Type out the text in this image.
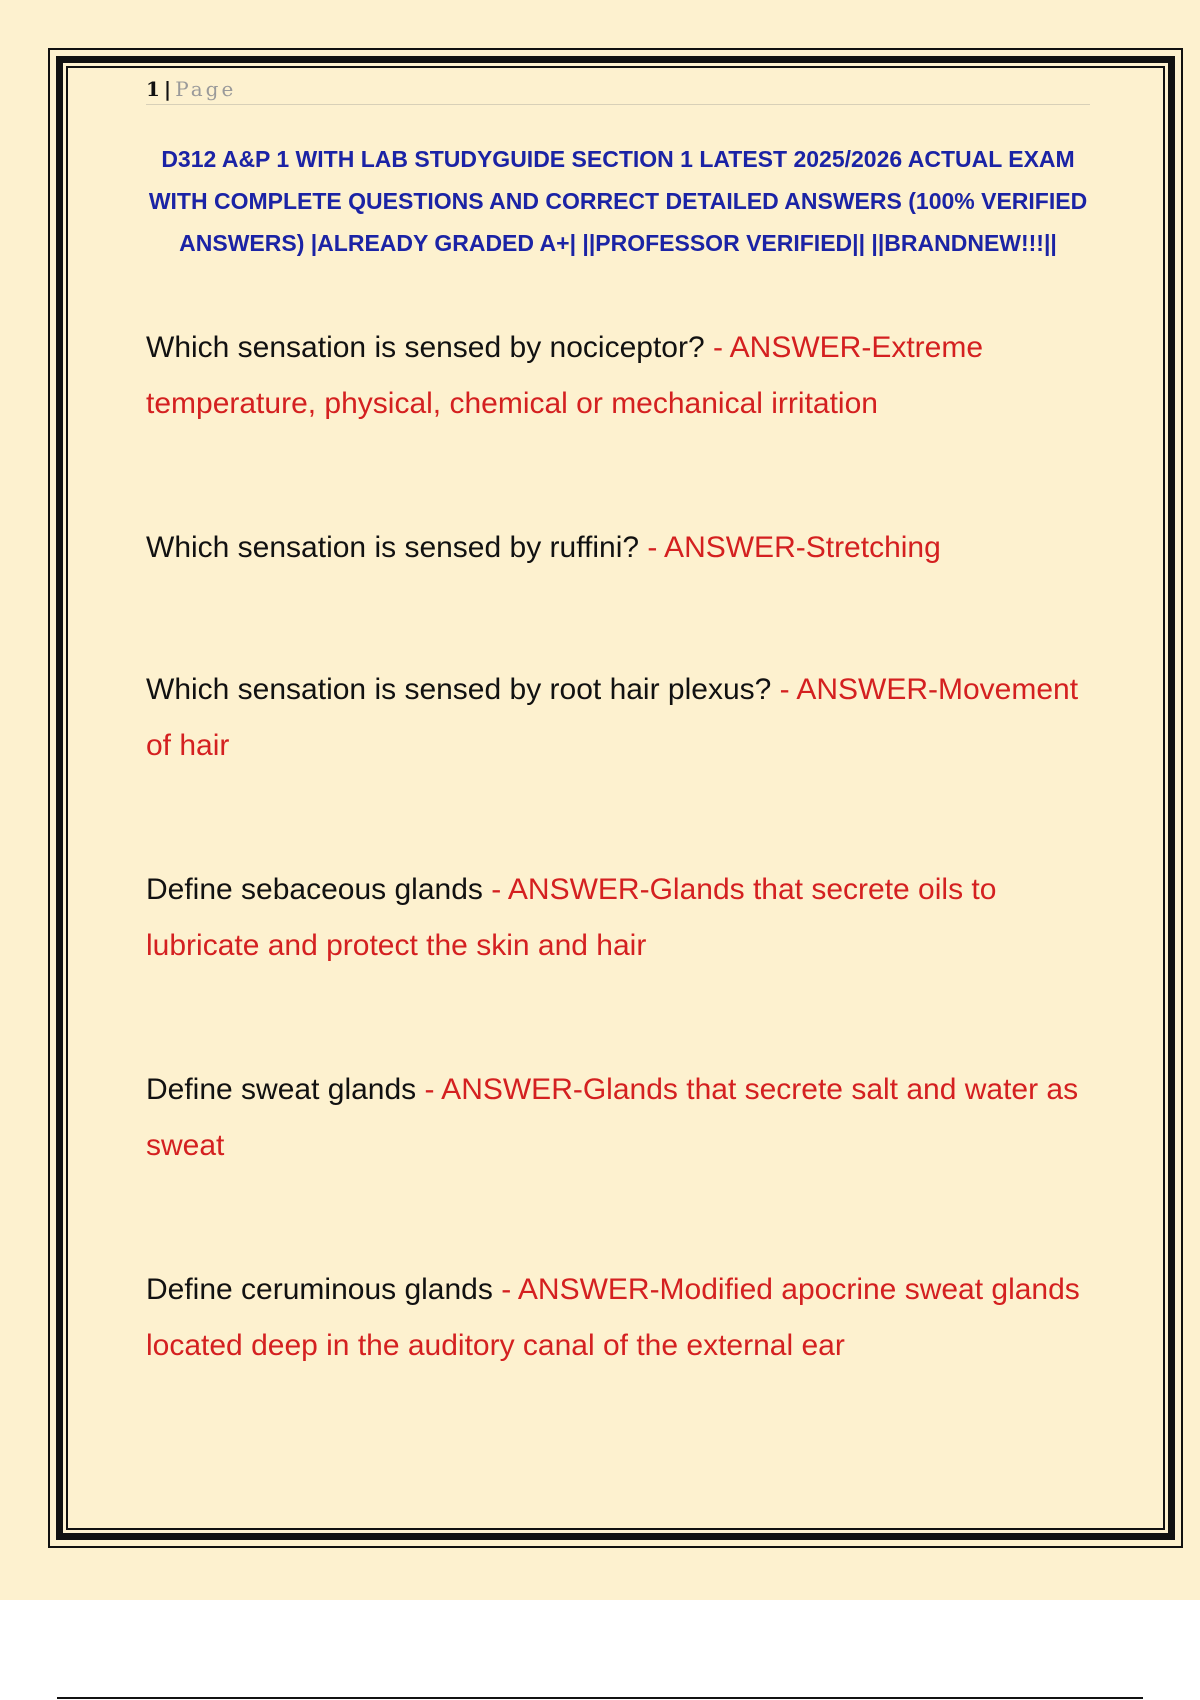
1 | Page
D312 A&P 1 WITH LAB STUDYGUIDE SECTION 1 LATEST 2025/2026 ACTUAL EXAM WITH COMPLETE QUESTIONS AND CORRECT DETAILED ANSWERS (100% VERIFIED ANSWERS) |ALREADY GRADED A+| ||PROFESSOR VERIFIED|| ||BRANDNEW!!!||
Which sensation is sensed by nociceptor? - ANSWER-Extreme temperature, physical, chemical or mechanical irritation
Which sensation is sensed by ruffini? - ANSWER-Stretching
Which sensation is sensed by root hair plexus? - ANSWER-Movement of hair
Define sebaceous glands - ANSWER-Glands that secrete oils to lubricate and protect the skin and hair
Define sweat glands - ANSWER-Glands that secrete salt and water as sweat
Define ceruminous glands - ANSWER-Modified apocrine sweat glands located deep in the auditory canal of the external ear
